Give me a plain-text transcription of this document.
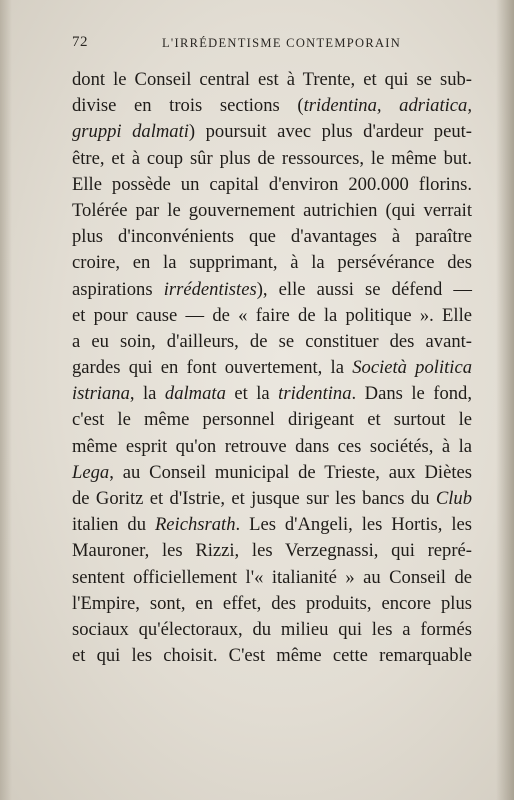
72	L'IRRÉDENTISME CONTEMPORAIN
dont le Conseil central est à Trente, et qui se sub-
divise en trois sections (tridentina, adriatica,
gruppi dalmati) poursuit avec plus d'ardeur peut-
être, et à coup sûr plus de ressources, le même but.
Elle possède un capital d'environ 200.000 florins.
Tolérée par le gouvernement autrichien (qui verrait
plus d'inconvénients que d'avantages à paraître
croire, en la supprimant, à la persévérance des
aspirations irrédentistes), elle aussi se défend —
et pour cause — de « faire de la politique ». Elle
a eu soin, d'ailleurs, de se constituer des avant-
gardes qui en font ouvertement, la Società politica
istriana, la dalmata et la tridentina. Dans le fond,
c'est le même personnel dirigeant et surtout le
même esprit qu'on retrouve dans ces sociétés, à la
Lega, au Conseil municipal de Trieste, aux Diètes
de Goritz et d'Istrie, et jusque sur les bancs du Club
italien du Reichsrath. Les d'Angeli, les Hortis, les
Mauroner, les Rizzi, les Verzegnassi, qui repré-
sentent officiellement l'« italianité » au Conseil de
l'Empire, sont, en effet, des produits, encore plus
sociaux qu'électoraux, du milieu qui les a formés
et qui les choisit. C'est même cette remarquable
